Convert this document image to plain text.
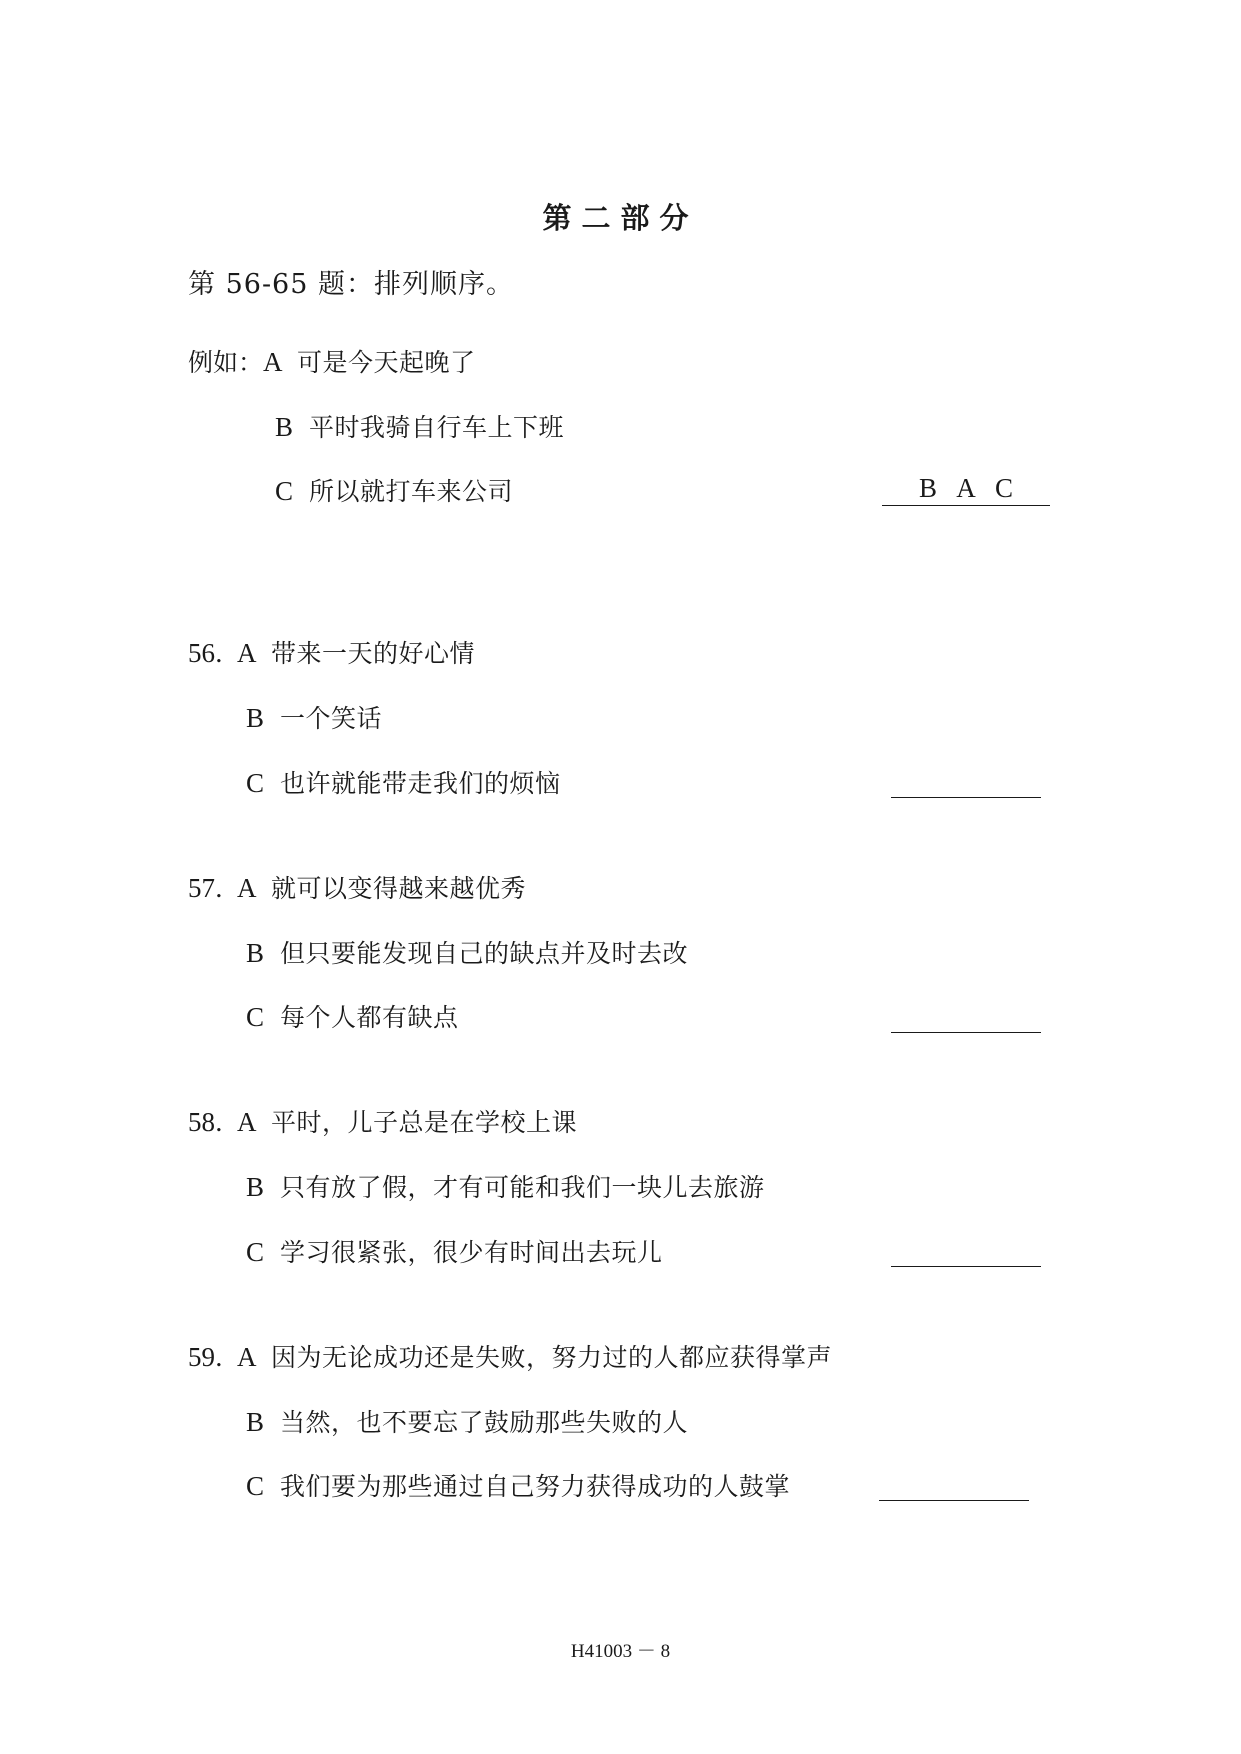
第二部分
第 56-65 题：排列顺序。
例如：A 可是今天起晚了
B 平时我骑自行车上下班
C 所以就打车来公司	B A C
56．A 带来一天的好心情
B 一个笑话
C 也许就能带走我们的烦恼
57．A 就可以变得越来越优秀
B 但只要能发现自己的缺点并及时去改
C 每个人都有缺点
58．A 平时，儿子总是在学校上课
B 只有放了假，才有可能和我们一块儿去旅游
C 学习很紧张，很少有时间出去玩儿
59．A 因为无论成功还是失败，努力过的人都应获得掌声
B 当然，也不要忘了鼓励那些失败的人
C 我们要为那些通过自己努力获得成功的人鼓掌
H41003 － 8
